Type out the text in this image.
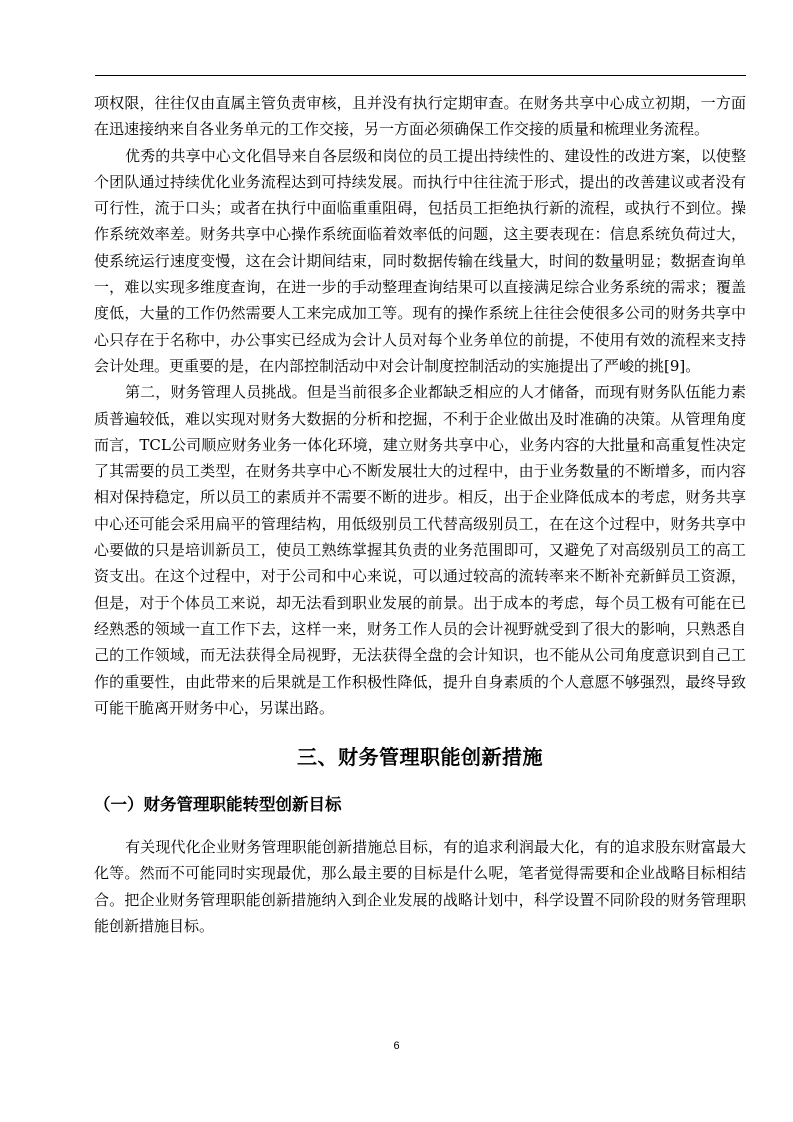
项权限，往往仅由直属主管负责审核，且并没有执行定期审查。在财务共享中心成立初期，一方面在迅速接纳来自各业务单元的工作交接，另一方面必须确保工作交接的质量和梳理业务流程。

优秀的共享中心文化倡导来自各层级和岗位的员工提出持续性的、建设性的改进方案，以使整个团队通过持续优化业务流程达到可持续发展。而执行中往往流于形式，提出的改善建议或者没有可行性，流于口头；或者在执行中面临重重阻碍，包括员工拒绝执行新的流程，或执行不到位。操作系统效率差。财务共享中心操作系统面临着效率低的问题，这主要表现在：信息系统负荷过大，使系统运行速度变慢，这在会计期间结束，同时数据传输在线量大，时间的数量明显；数据查询单一，难以实现多维度查询，在进一步的手动整理查询结果可以直接满足综合业务系统的需求；覆盖度低，大量的工作仍然需要人工来完成加工等。现有的操作系统上往往会使很多公司的财务共享中心只存在于名称中，办公事实已经成为会计人员对每个业务单位的前提，不使用有效的流程来支持会计处理。更重要的是，在内部控制活动中对会计制度控制活动的实施提出了严峻的挑[9]。

第二，财务管理人员挑战。但是当前很多企业都缺乏相应的人才储备，而现有财务队伍能力素质普遍较低，难以实现对财务大数据的分析和挖掘，不利于企业做出及时准确的决策。从管理角度而言，TCL公司顺应财务业务一体化环境，建立财务共享中心，业务内容的大批量和高重复性决定了其需要的员工类型，在财务共享中心不断发展壮大的过程中，由于业务数量的不断增多，而内容相对保持稳定，所以员工的素质并不需要不断的进步。相反，出于企业降低成本的考虑，财务共享中心还可能会采用扁平的管理结构，用低级别员工代替高级别员工，在在这个过程中，财务共享中心要做的只是培训新员工，使员工熟练掌握其负责的业务范围即可，又避免了对高级别员工的高工资支出。在这个过程中，对于公司和中心来说，可以通过较高的流转率来不断补充新鲜员工资源，但是，对于个体员工来说，却无法看到职业发展的前景。出于成本的考虑，每个员工极有可能在已经熟悉的领域一直工作下去，这样一来，财务工作人员的会计视野就受到了很大的影响，只熟悉自己的工作领域，而无法获得全局视野，无法获得全盘的会计知识，也不能从公司角度意识到自己工作的重要性，由此带来的后果就是工作积极性降低，提升自身素质的个人意愿不够强烈，最终导致可能干脆离开财务中心，另谋出路。

三、财务管理职能创新措施
（一）财务管理职能转型创新目标

有关现代化企业财务管理职能创新措施总目标，有的追求利润最大化，有的追求股东财富最大化等。然而不可能同时实现最优，那么最主要的目标是什么呢，笔者觉得需要和企业战略目标相结合。把企业财务管理职能创新措施纳入到企业发展的战略计划中，科学设置不同阶段的财务管理职能创新措施目标。

6
